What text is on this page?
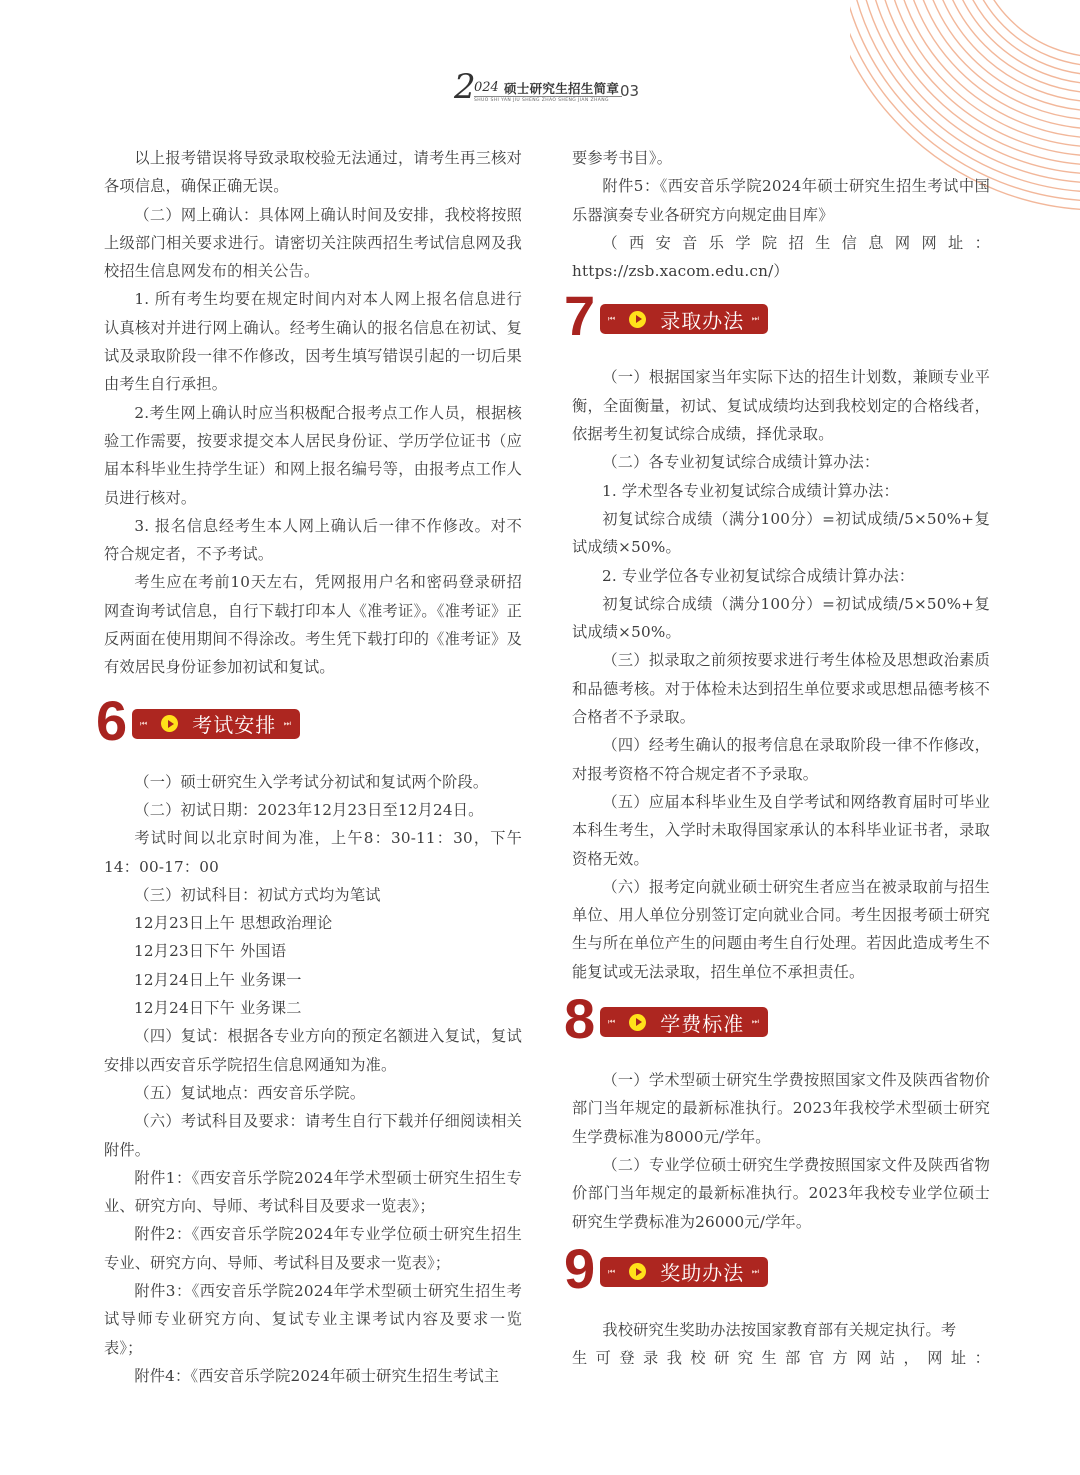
2
024 硕士研究生招生简章
SHUO SHI YAN JIU SHENG ZHAO SHENG JIAN ZHANG
03

以上报考错误将导致录取校验无法通过，请考生再三核对各项信息，确保正确无误。

（二）网上确认：具体网上确认时间及安排，我校将按照上级部门相关要求进行。请密切关注陕西招生考试信息网及我校招生信息网发布的相关公告。

1. 所有考生均要在规定时间内对本人网上报名信息进行认真核对并进行网上确认。经考生确认的报名信息在初试、复试及录取阶段一律不作修改，因考生填写错误引起的一切后果由考生自行承担。

2.考生网上确认时应当积极配合报考点工作人员，根据核验工作需要，按要求提交本人居民身份证、学历学位证书（应届本科毕业生持学生证）和网上报名编号等，由报考点工作人员进行核对。

3. 报名信息经考生本人网上确认后一律不作修改。对不符合规定者，不予考试。

考生应在考前10天左右，凭网报用户名和密码登录研招网查询考试信息，自行下载打印本人《准考证》。《准考证》正反两面在使用期间不得涂改。考生凭下载打印的《准考证》及有效居民身份证参加初试和复试。

6 ⏮ 考试安排 ⏭

（一）硕士研究生入学考试分初试和复试两个阶段。

（二）初试日期：2023年12月23日至12月24日。

考试时间以北京时间为准，上午8：30-11：30，下午14：00-17：00

（三）初试科目：初试方式均为笔试

12月23日上午 思想政治理论
12月23日下午 外国语
12月24日上午 业务课一
12月24日下午 业务课二

（四）复试：根据各专业方向的预定名额进入复试，复试安排以西安音乐学院招生信息网通知为准。

（五）复试地点：西安音乐学院。

（六）考试科目及要求：请考生自行下载并仔细阅读相关附件。

附件1：《西安音乐学院2024年学术型硕士研究生招生专业、研究方向、导师、考试科目及要求一览表》；

附件2：《西安音乐学院2024年专业学位硕士研究生招生专业、研究方向、导师、考试科目及要求一览表》；

附件3：《西安音乐学院2024年学术型硕士研究生招生考试导师专业研究方向、复试专业主课考试内容及要求一览表》；

附件4：《西安音乐学院2024年硕士研究生招生考试主

要参考书目》。

附件5：《西安音乐学院2024年硕士研究生招生考试中国乐器演奏专业各研究方向规定曲目库》

（西安音乐学院招生信息网网址：

https://zsb.xacom.edu.cn/）

7 ⏮ 录取办法 ⏭

（一）根据国家当年实际下达的招生计划数，兼顾专业平衡，全面衡量，初试、复试成绩均达到我校划定的合格线者，依据考生初复试综合成绩，择优录取。

（二）各专业初复试综合成绩计算办法：

1. 学术型各专业初复试综合成绩计算办法：

初复试综合成绩（满分100分）=初试成绩/5×50%+复试成绩×50%。

2. 专业学位各专业初复试综合成绩计算办法：

初复试综合成绩（满分100分）=初试成绩/5×50%+复试成绩×50%。

（三）拟录取之前须按要求进行考生体检及思想政治素质和品德考核。对于体检未达到招生单位要求或思想品德考核不合格者不予录取。

（四）经考生确认的报考信息在录取阶段一律不作修改，对报考资格不符合规定者不予录取。

（五）应届本科毕业生及自学考试和网络教育届时可毕业本科生考生，入学时未取得国家承认的本科毕业证书者，录取资格无效。

（六）报考定向就业硕士研究生者应当在被录取前与招生单位、用人单位分别签订定向就业合同。考生因报考硕士研究生与所在单位产生的问题由考生自行处理。若因此造成考生不能复试或无法录取，招生单位不承担责任。

8 ⏮ 学费标准 ⏭

（一）学术型硕士研究生学费按照国家文件及陕西省物价部门当年规定的最新标准执行。2023年我校学术型硕士研究生学费标准为8000元/学年。

（二）专业学位硕士研究生学费按照国家文件及陕西省物价部门当年规定的最新标准执行。2023年我校专业学位硕士研究生学费标准为26000元/学年。

9 ⏮ 奖助办法 ⏭

我校研究生奖助办法按国家教育部有关规定执行。考

生可登录我校研究生部官方网站，网址：
